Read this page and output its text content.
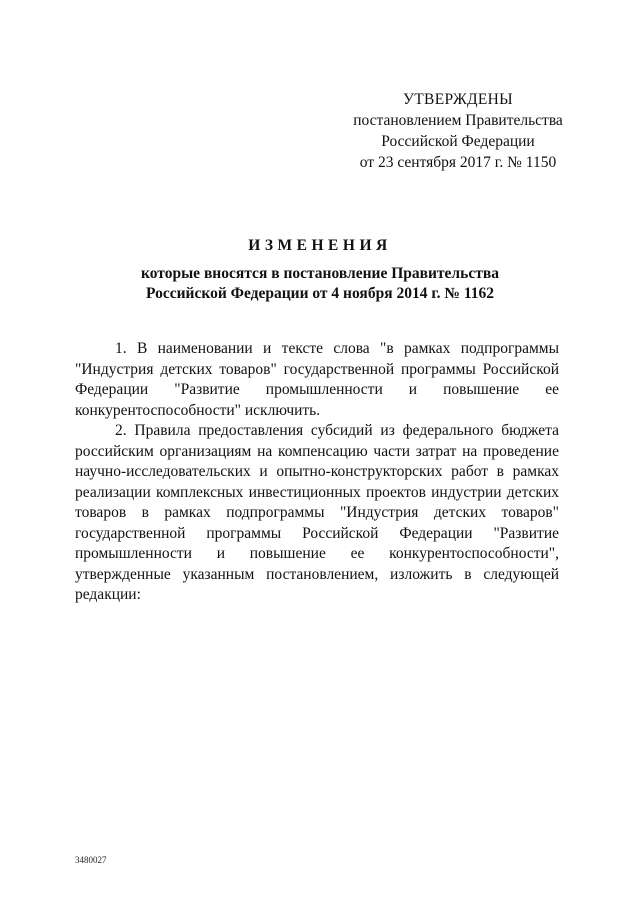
УТВЕРЖДЕНЫ
постановлением Правительства
Российской Федерации
от 23 сентября 2017 г. № 1150
ИЗМЕНЕНИЯ
которые вносятся в постановление Правительства
Российской Федерации от 4 ноября 2014 г. № 1162

1. В наименовании и тексте слова "в рамках подпрограммы "Индустрия детских товаров" государственной программы Российской Федерации "Развитие промышленности и повышение ее конкурентоспособности" исключить.

2. Правила предоставления субсидий из федерального бюджета российским организациям на компенсацию части затрат на проведение научно-исследовательских и опытно-конструкторских работ в рамках реализации комплексных инвестиционных проектов индустрии детских товаров в рамках подпрограммы "Индустрия детских товаров" государственной программы Российской Федерации "Развитие промышленности и повышение ее конкурентоспособности", утвержденные указанным постановлением, изложить в следующей редакции:

3480027
